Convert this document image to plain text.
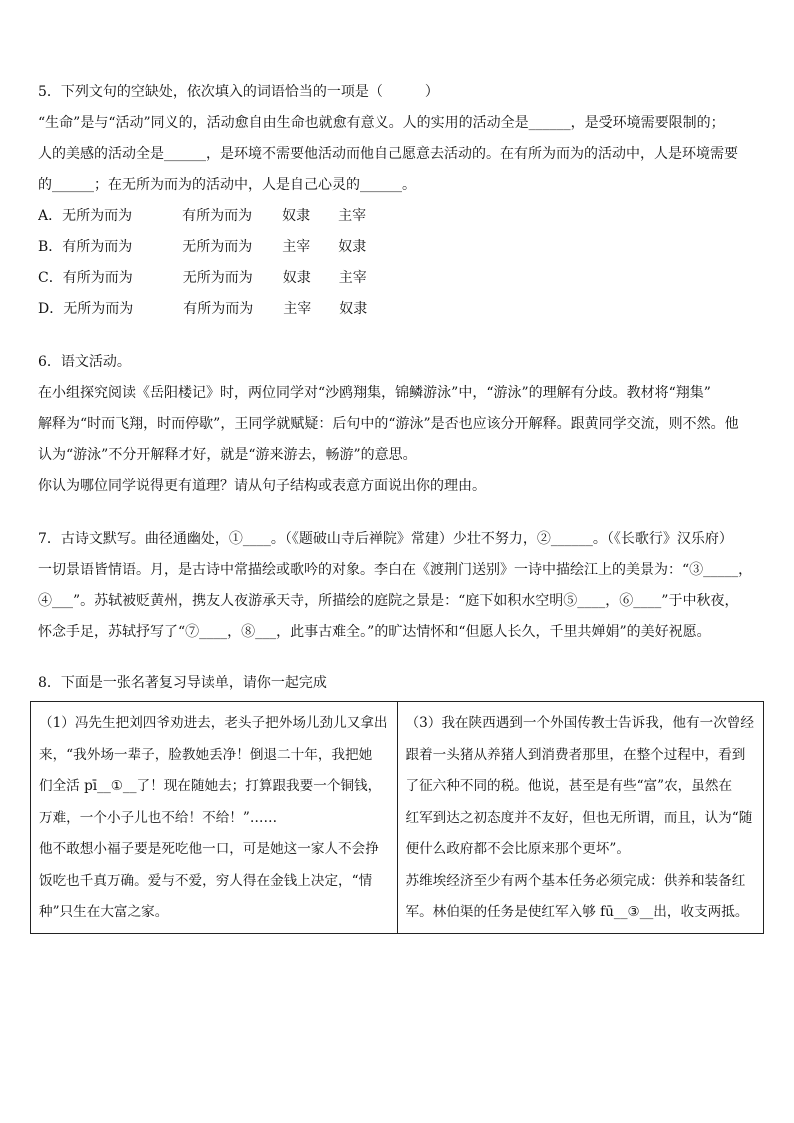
5．下列文句的空缺处，依次填入的词语恰当的一项是（　　　）
“生命”是与“活动”同义的，活动愈自由生命也就愈有意义。人的实用的活动全是______，是受环境需要限制的；
人的美感的活动全是______，是环境不需要他活动而他自己愿意去活动的。在有所为而为的活动中，人是环境需要
的______；在无所为而为的活动中，人是自己心灵的______。
A．无所为而为	有所为而为 奴隶 主宰
B．有所为而为	无所为而为 主宰 奴隶
C．有所为而为	无所为而为 奴隶 主宰
D．无所为而为	有所为而为 主宰 奴隶
6．语文活动。
在小组探究阅读《岳阳楼记》时，两位同学对“沙鸥翔集，锦鳞游泳”中，“游泳”的理解有分歧。教材将“翔集”
解释为“时而飞翔，时而停歇”，王同学就赋疑：后句中的“游泳”是否也应该分开解释。跟黄同学交流，则不然。他
认为“游泳”不分开解释才好，就是“游来游去，畅游”的意思。
你认为哪位同学说得更有道理？请从句子结构或表意方面说出你的理由。
7．古诗文默写。曲径通幽处，①____。（《题破山寺后禅院》常建）少壮不努力，②______。（《长歌行》汉乐府）
一切景语皆情语。月，是古诗中常描绘或歌吟的对象。李白在《渡荆门送别》一诗中描绘江上的美景为：“③_____，
④___”。苏轼被贬黄州，携友人夜游承天寺，所描绘的庭院之景是：“庭下如积水空明⑤____，⑥____”于中秋夜，
怀念手足，苏轼抒写了“⑦____，⑧___，此事古难全。”的旷达情怀和“但愿人长久，千里共婵娟”的美好祝愿。
8．下面是一张名著复习导读单，请你一起完成
（1）冯先生把刘四爷劝进去，老头子把外场儿劲儿又拿出
来，“我外场一辈子，脸教她丢净！倒退二十年，我把她
们全活 pī__①__了！现在随她去；打算跟我要一个铜钱，
万难，一个小子儿也不给！不给！”……
他不敢想小福子要是死吃他一口，可是她这一家人不会挣
饭吃也千真万确。爱与不爱，穷人得在金钱上决定，“情
种”只生在大富之家。

（3）我在陕西遇到一个外国传教士告诉我，他有一次曾经
跟着一头猪从养猪人到消费者那里，在整个过程中，看到
了征六种不同的税。他说，甚至是有些“富”农，虽然在
红军到达之初态度并不友好，但也无所谓，而且，认为“随
便什么政府都不会比原来那个更坏”。
苏维埃经济至少有两个基本任务必须完成：供养和装备红
军。林伯渠的任务是使红军入够 fū__③__出，收支两抵。
